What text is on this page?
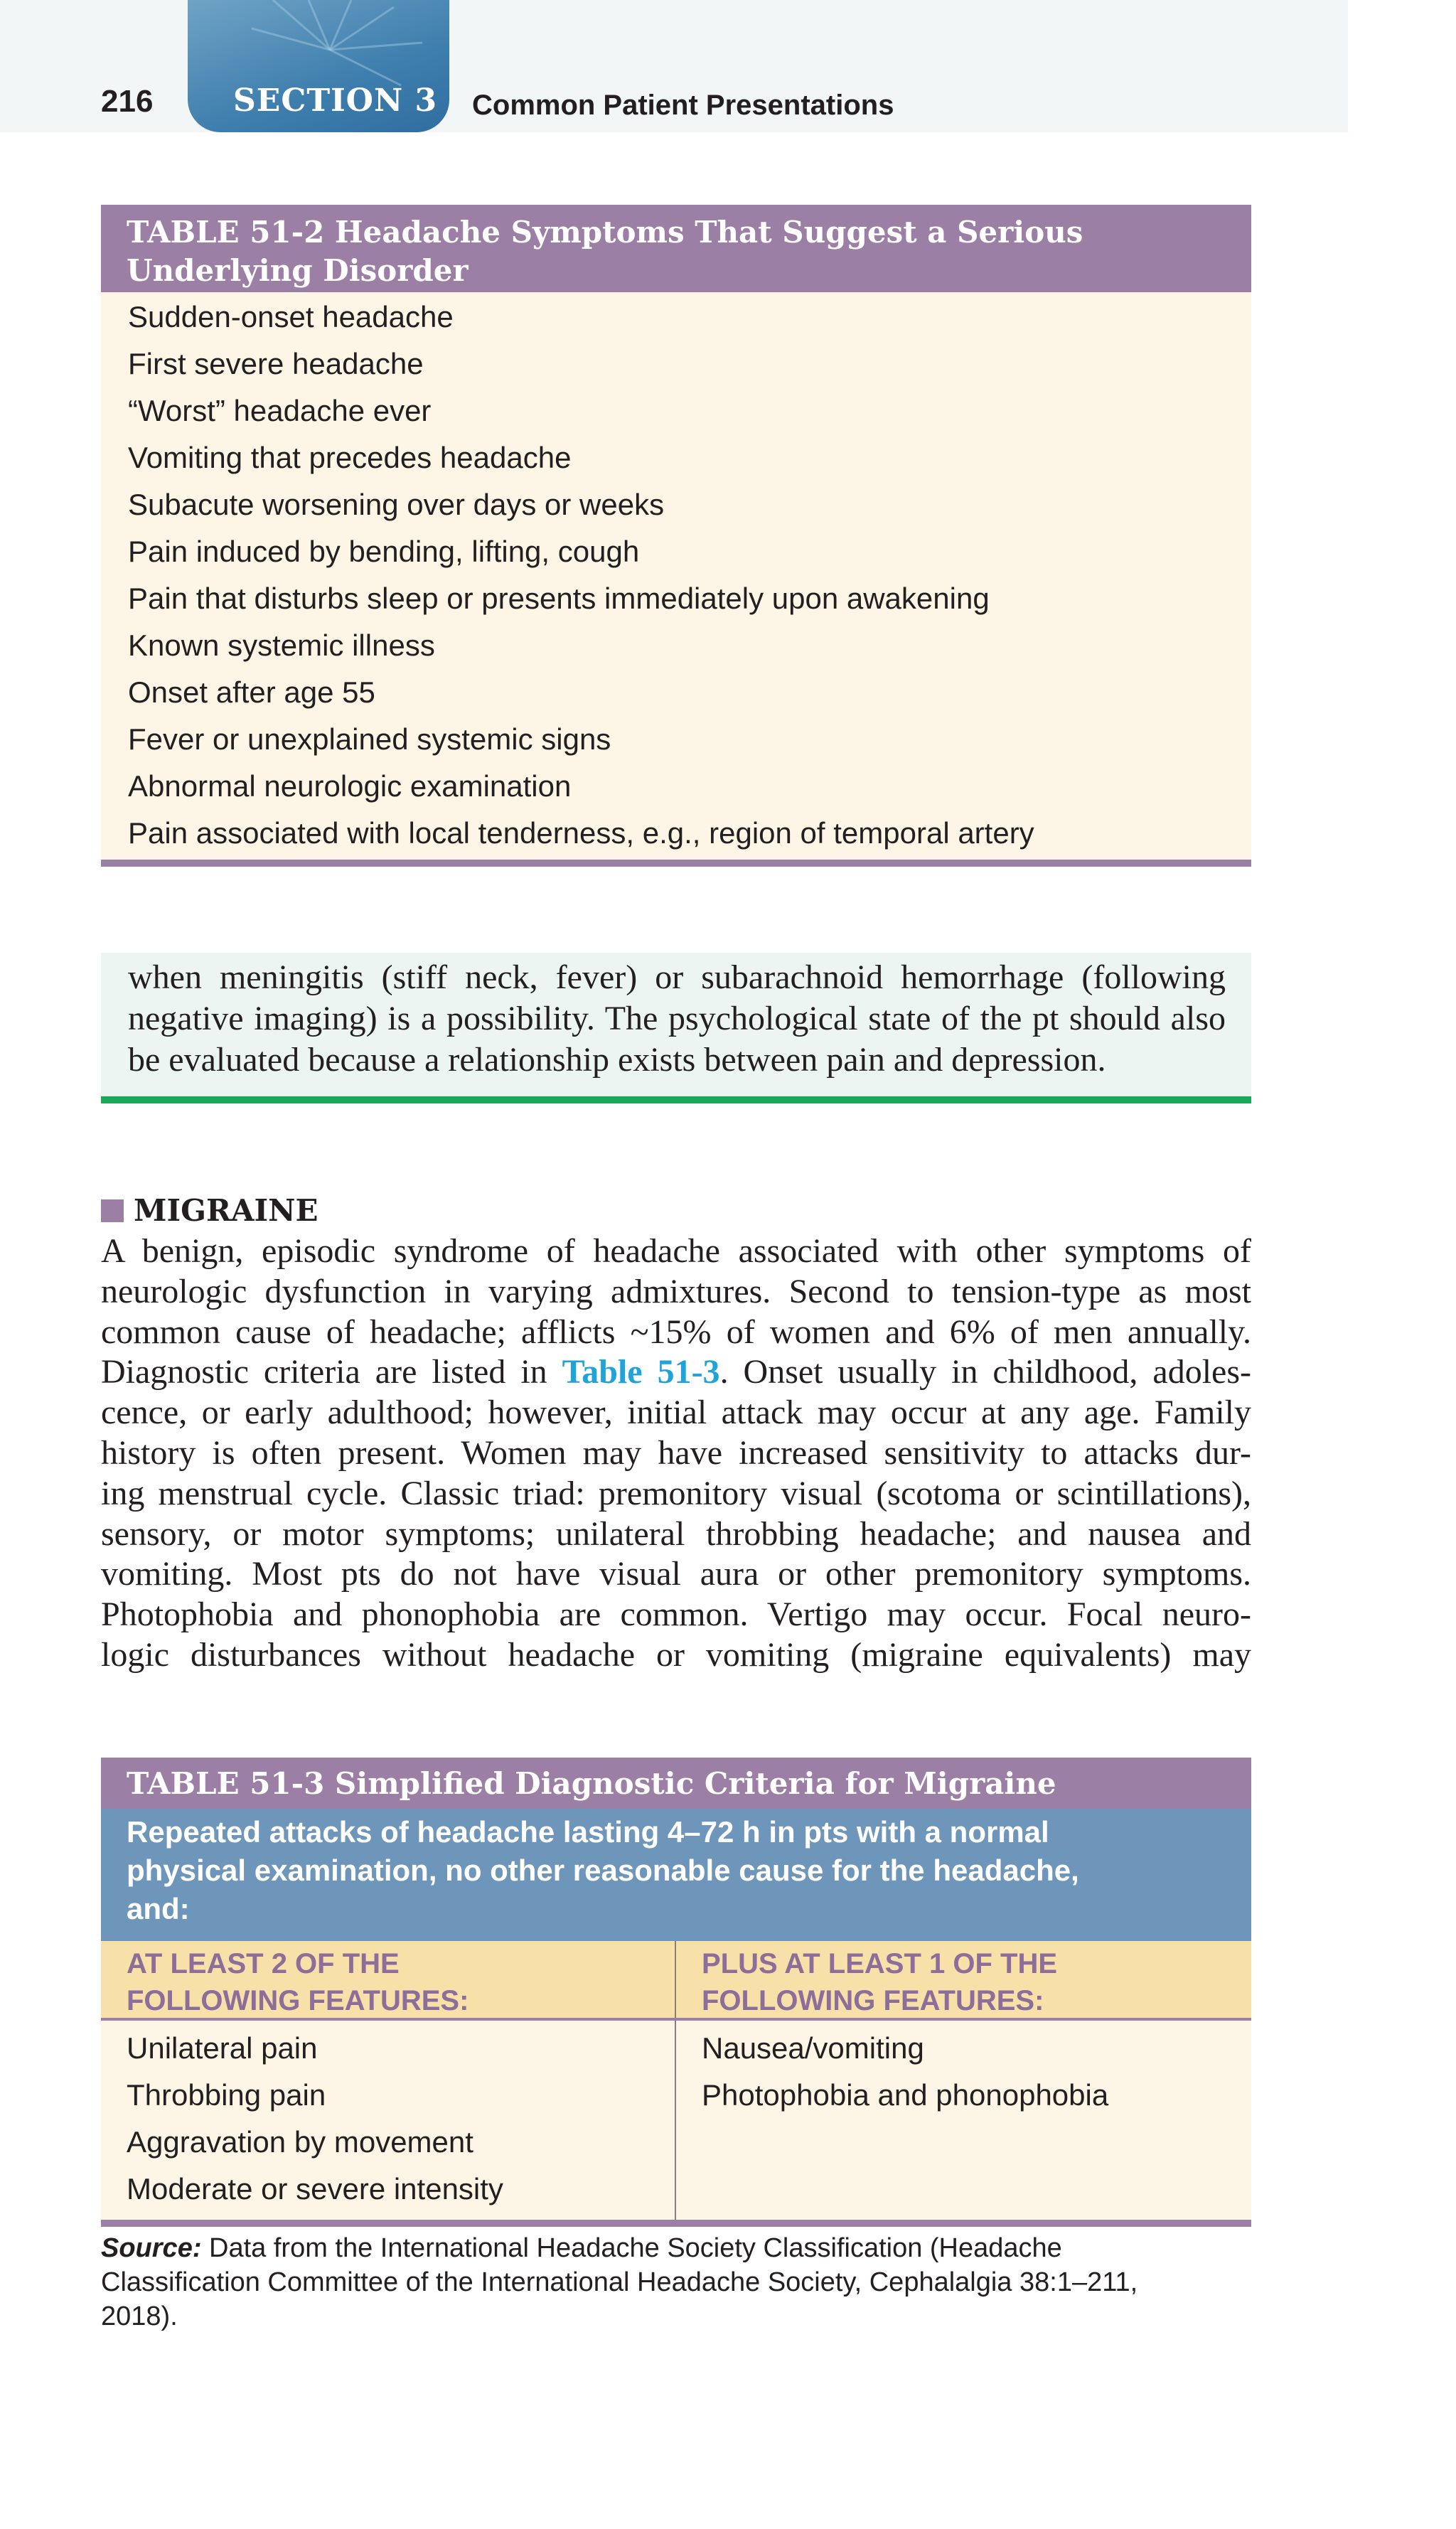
216	SECTION 3 Common Patient Presentations
TABLE 51-2 Headache Symptoms That Suggest a Serious
Underlying Disorder
Sudden-onset headache
First severe headache
“Worst” headache ever
Vomiting that precedes headache
Subacute worsening over days or weeks
Pain induced by bending, lifting, cough
Pain that disturbs sleep or presents immediately upon awakening
Known systemic illness
Onset after age 55
Fever or unexplained systemic signs
Abnormal neurologic examination
Pain associated with local tenderness, e.g., region of temporal artery
when meningitis (stiff neck, fever) or subarachnoid hemorrhage (following
negative imaging) is a possibility. The psychological state of the pt should also
be evaluated because a relationship exists between pain and depression.
MIGRAINE
A benign, episodic syndrome of headache associated with other symptoms of
neurologic dysfunction in varying admixtures. Second to tension-type as most
common cause of headache; afflicts ~15% of women and 6% of men annually.
Diagnostic criteria are listed in Table 51-3. Onset usually in childhood, adoles-
cence, or early adulthood; however, initial attack may occur at any age. Family
history is often present. Women may have increased sensitivity to attacks dur-
ing menstrual cycle. Classic triad: premonitory visual (scotoma or scintillations),
sensory, or motor symptoms; unilateral throbbing headache; and nausea and
vomiting. Most pts do not have visual aura or other premonitory symptoms.
Photophobia and phonophobia are common. Vertigo may occur. Focal neuro-
logic disturbances without headache or vomiting (migraine equivalents) may
TABLE 51-3 Simplified Diagnostic Criteria for Migraine
Repeated attacks of headache lasting 4–72 h in pts with a normal
physical examination, no other reasonable cause for the headache,
and:
AT LEAST 2 OF THE
FOLLOWING FEATURES:
PLUS AT LEAST 1 OF THE
FOLLOWING FEATURES:
Unilateral pain
Throbbing pain
Aggravation by movement
Moderate or severe intensity
Nausea/vomiting
Photophobia and phonophobia
Source: Data from the International Headache Society Classification (Headache
Classification Committee of the International Headache Society, Cephalalgia 38:1–211,
2018).
